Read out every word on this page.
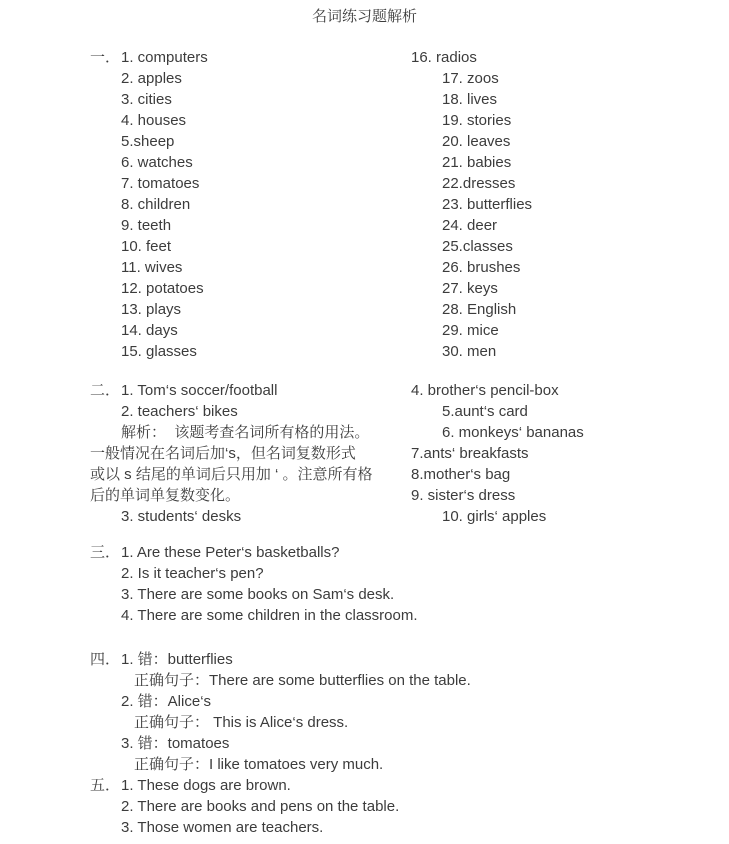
名词练习题解析
一．1. computers	16. radios
2. apples	17. zoos
3. cities	18. lives
4. houses	19. stories
5.sheep	20. leaves
6. watches	21. babies
7. tomatoes	22.dresses
8. children	23. butterflies
9. teeth	24. deer
10. feet	25.classes
11. wives	26. brushes
12. potatoes	27. keys
13. plays	28. English
14. days	29. mice
15. glasses	30. men
二．1. Tom‘s soccer/football	4. brother‘s pencil-box
2. teachers‘ bikes	5.aunt‘s card
解析：  该题考查名词所有格的用法。	6. monkeys‘ bananas
一般情况在名词后加‘s，但名词复数形式	7.ants‘ breakfasts
或以 s 结尾的单词后只用加 ‘ 。注意所有格	8.mother‘s bag
后的单词单复数变化。	9. sister‘s dress
3. students‘ desks	10. girls‘ apples
三．1. Are these Peter‘s basketballs?
2. Is it teacher‘s pen?
3. There are some books on Sam‘s desk.
4. There are some children in the classroom.
四．1. 错：butterflies
正确句子：There are some butterflies on the table.
2. 错：Alice‘s
正确句子： This is Alice‘s dress.
3. 错：tomatoes
正确句子：I like tomatoes very much.
五．1. These dogs are brown.
2. There are books and pens on the table.
3. Those women are teachers.
